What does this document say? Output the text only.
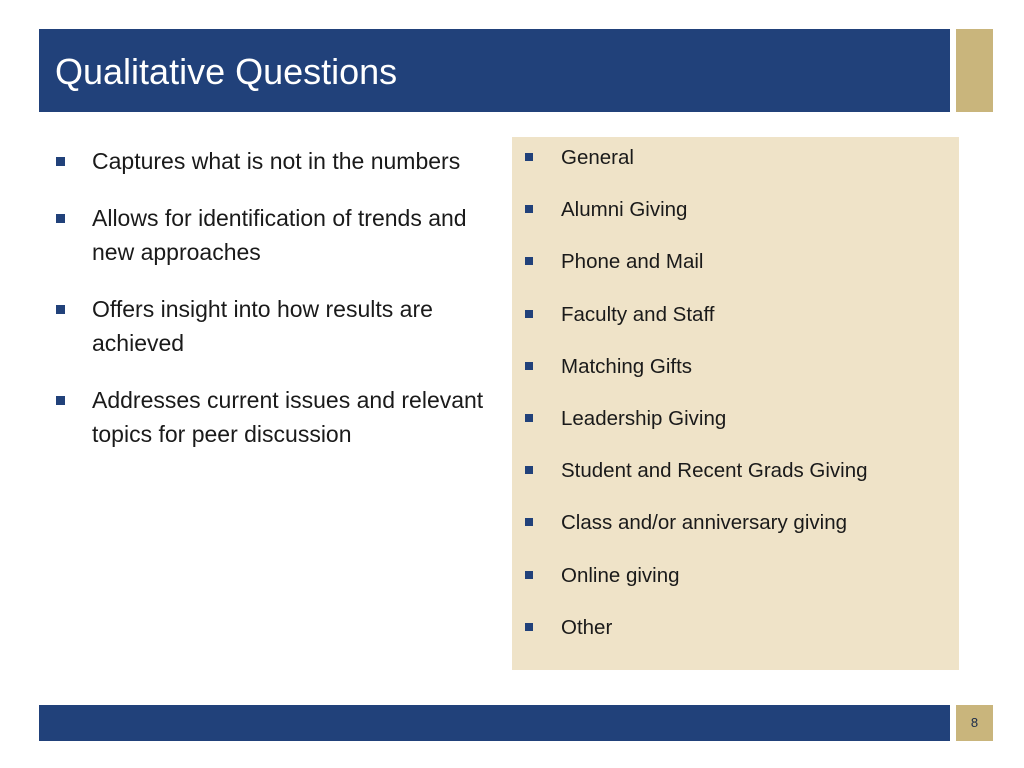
Qualitative Questions
Captures what is not in the numbers
Allows for identification of trends and new approaches
Offers insight into how results are achieved
Addresses current issues and relevant topics for peer discussion
General
Alumni Giving
Phone and Mail
Faculty and Staff
Matching Gifts
Leadership Giving
Student and Recent Grads Giving
Class and/or anniversary giving
Online giving
Other
8
